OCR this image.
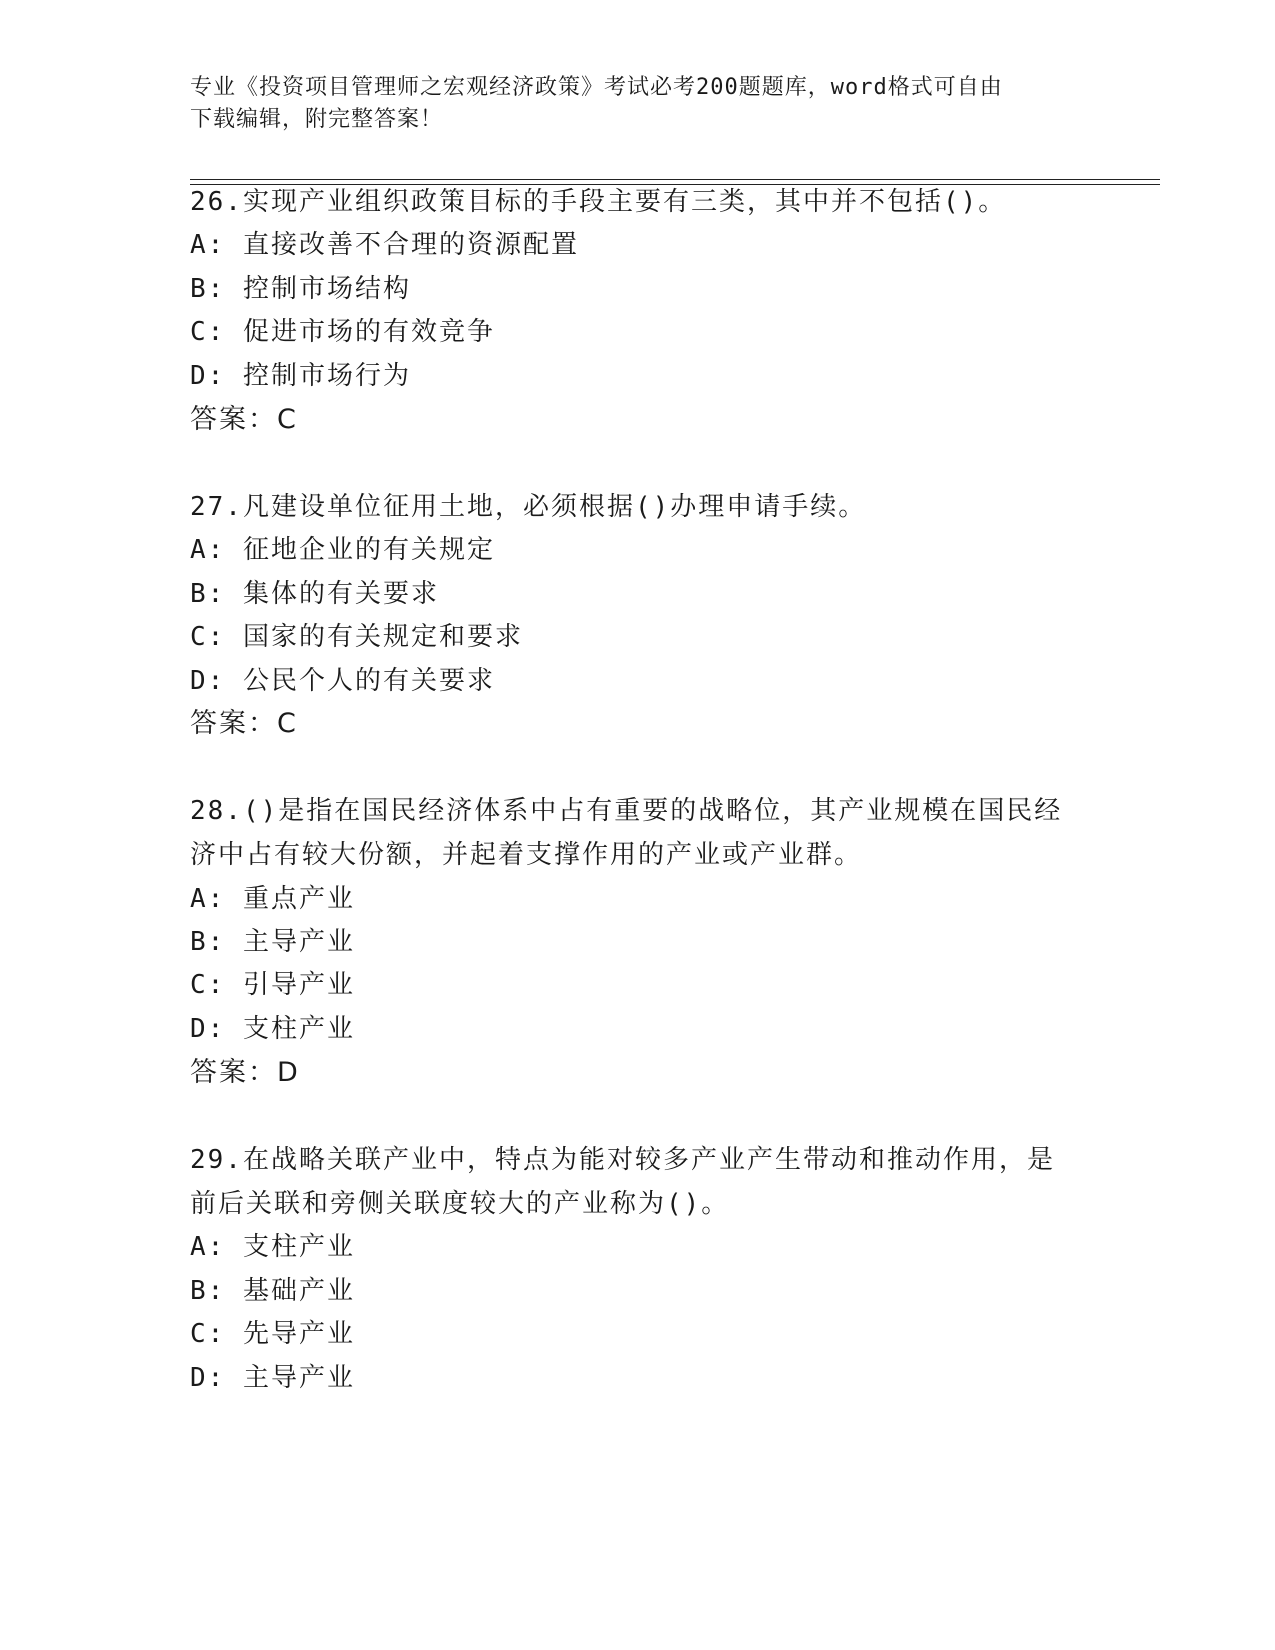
专业《投资项目管理师之宏观经济政策》考试必考200题题库，word格式可自由
下载编辑，附完整答案！
26.实现产业组织政策目标的手段主要有三类，其中并不包括()。
A: 直接改善不合理的资源配置
B: 控制市场结构
C: 促进市场的有效竞争
D: 控制市场行为
答案：C
27.凡建设单位征用土地，必须根据()办理申请手续。
A: 征地企业的有关规定
B: 集体的有关要求
C: 国家的有关规定和要求
D: 公民个人的有关要求
答案：C
28.()是指在国民经济体系中占有重要的战略位，其产业规模在国民经
济中占有较大份额，并起着支撑作用的产业或产业群。
A: 重点产业
B: 主导产业
C: 引导产业
D: 支柱产业
答案：D
29.在战略关联产业中，特点为能对较多产业产生带动和推动作用，是
前后关联和旁侧关联度较大的产业称为()。
A: 支柱产业
B: 基础产业
C: 先导产业
D: 主导产业
